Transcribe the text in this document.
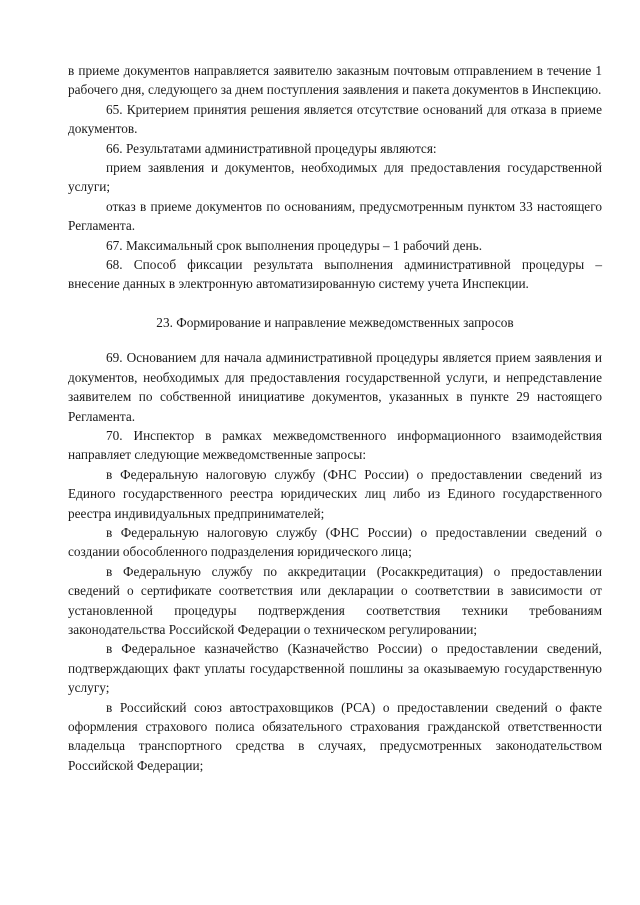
в приеме документов направляется заявителю заказным почтовым отправлением в течение 1 рабочего дня, следующего за днем поступления заявления и пакета документов в Инспекцию.

65. Критерием принятия решения является отсутствие оснований для отказа в приеме документов.

66. Результатами административной процедуры являются:

прием заявления и документов, необходимых для предоставления государственной услуги;

отказ в приеме документов по основаниям, предусмотренным пунктом 33 настоящего Регламента.

67. Максимальный срок выполнения процедуры – 1 рабочий день.

68. Способ фиксации результата выполнения административной процедуры – внесение данных в электронную автоматизированную систему учета Инспекции.

23. Формирование и направление межведомственных запросов

69. Основанием для начала административной процедуры является прием заявления и документов, необходимых для предоставления государственной услуги, и непредставление заявителем по собственной инициативе документов, указанных в пункте 29 настоящего Регламента.

70. Инспектор в рамках межведомственного информационного взаимодействия направляет следующие межведомственные запросы:

в Федеральную налоговую службу (ФНС России) о предоставлении сведений из Единого государственного реестра юридических лиц либо из Единого государственного реестра индивидуальных предпринимателей;

в Федеральную налоговую службу (ФНС России) о предоставлении сведений о создании обособленного подразделения юридического лица;

в Федеральную службу по аккредитации (Росаккредитация) о предоставлении сведений о сертификате соответствия или декларации о соответствии в зависимости от установленной процедуры подтверждения соответствия техники требованиям законодательства Российской Федерации о техническом регулировании;

в Федеральное казначейство (Казначейство России) о предоставлении сведений, подтверждающих факт уплаты государственной пошлины за оказываемую государственную услугу;

в Российский союз автостраховщиков (РСА) о предоставлении сведений о факте оформления страхового полиса обязательного страхования гражданской ответственности владельца транспортного средства в случаях, предусмотренных законодательством Российской Федерации;
